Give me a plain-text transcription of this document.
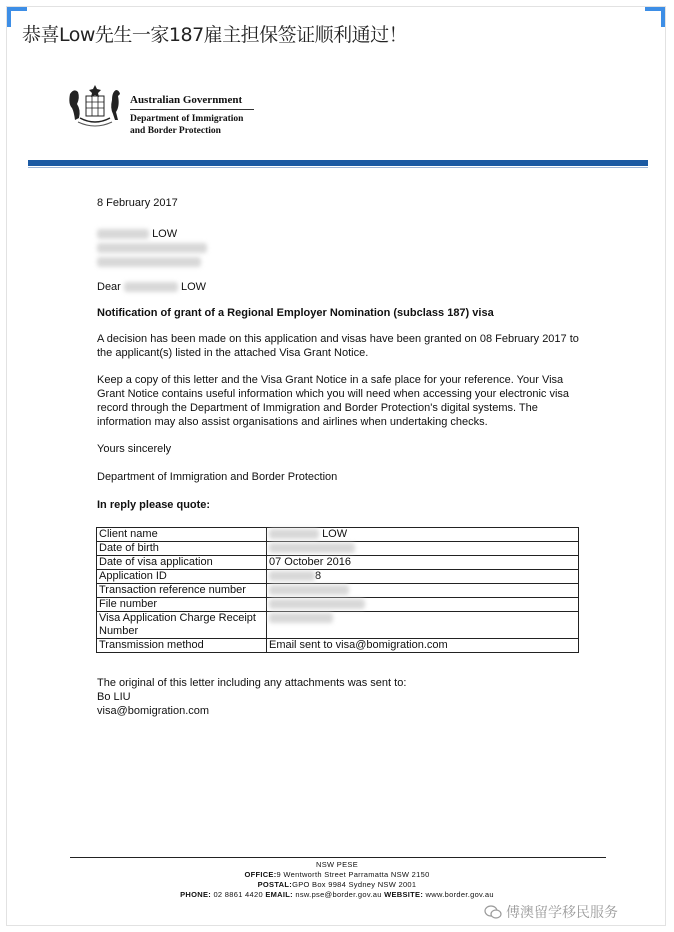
恭喜Low先生一家187雇主担保签证顺利通过！
Australian Government
Department of Immigration
and Border Protection

8 February 2017

LOW

Dear	LOW

Notification of grant of a Regional Employer Nomination (subclass 187) visa

A decision has been made on this application and visas have been granted on 08 February 2017 to the applicant(s) listed in the attached Visa Grant Notice.

Keep a copy of this letter and the Visa Grant Notice in a safe place for your reference. Your Visa Grant Notice contains useful information which you will need when accessing your electronic visa record through the Department of Immigration and Border Protection's digital systems. The information may also assist organisations and airlines when undertaking checks.

Yours sincerely

Department of Immigration and Border Protection

In reply please quote:

Client name	LOW
Date of birth	
Date of visa application	07 October 2016
Application ID	8
Transaction reference number	
File number	
Visa Application Charge Receipt Number	
Transmission method	Email sent to visa@bomigration.com

The original of this letter including any attachments was sent to:

Bo LIU

visa@bomigration.com

NSW PESE
OFFICE:9 Wentworth Street Parramatta NSW 2150
POSTAL:GPO Box 9984 Sydney NSW 2001
PHONE: 02 8861 4420 EMAIL: nsw.pse@border.gov.au WEBSITE: www.border.gov.au
傅澳留学移民服务
